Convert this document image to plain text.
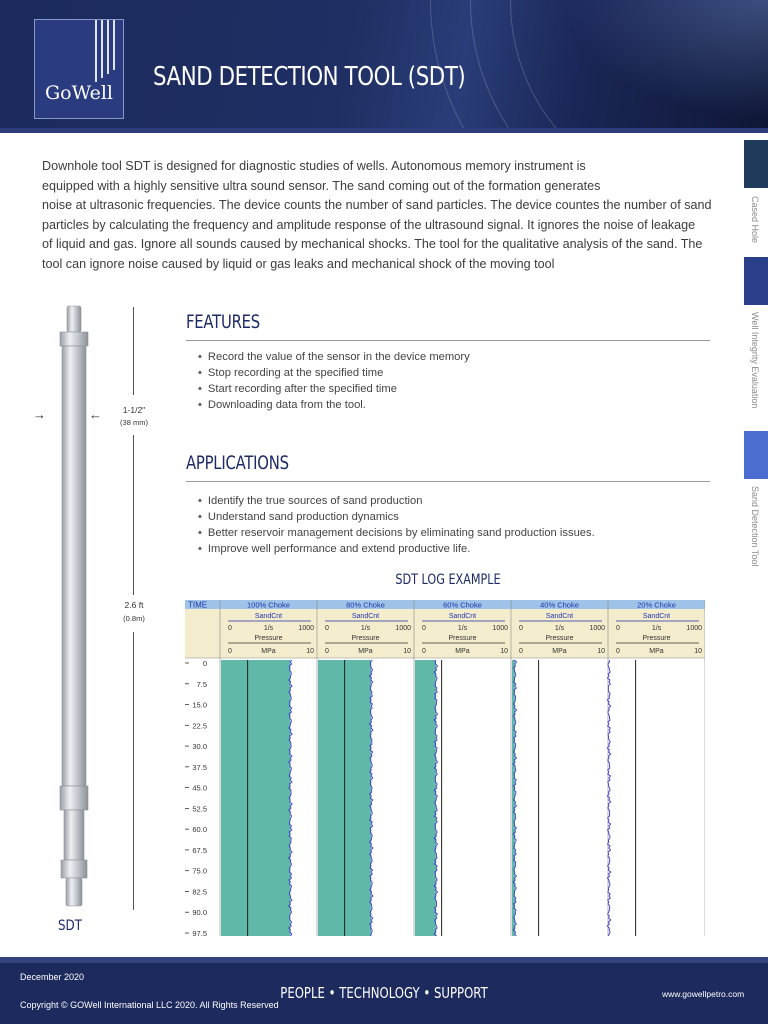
GoWell
SAND DETECTION TOOL (SDT)
Downhole tool SDT is designed for diagnostic studies of wells. Autonomous memory instrument is
equipped with a highly sensitive ultra sound sensor. The sand coming out of the formation generates
noise at ultrasonic frequencies. The device counts the number of sand particles. The device countes the number of sand
particles by calculating the frequency and amplitude response of the ultrasound signal. It ignores the noise of leakage
of liquid and gas. Ignore all sounds caused by mechanical shocks. The tool for the qualitative analysis of the sand. The
tool can ignore noise caused by liquid or gas leaks and mechanical shock of the moving tool
Cased Hole
Well Integrity Evaluation
Sand Detection Tool
→	←	1-1/2"
(38 mm)
2.6 ft
(0.8m)
SDT
FEATURES
• Record the value of the sensor in the device memory
• Stop recording at the specified time
• Start recording after the specified time
• Downloading data from the tool.
APPLICATIONS
• Identify the true sources of sand production
• Understand sand production dynamics
• Better reservoir management decisions by eliminating sand production issues.
• Improve well performance and extend productive life.
SDT LOG EXAMPLE
TIME
0
7.5
15.0
22.5
30.0
37.5
45.0
52.5
60.0
67.5
75.0
82.5
90.0
97.5
100% Choke
SandCnt
0	1/s	1000
Pressure
0	MPa	10
80% Choke
SandCnt
0	1/s	1000
Pressure
0	MPa	10
60% Choke
SandCnt
0	1/s	1000
Pressure
0	MPa	10
40% Choke
SandCnt
0	1/s	1000
Pressure
0	MPa	10
20% Choke
SandCnt
0	1/s	1000
Pressure
0	MPa	10
December 2020
Copyright © GOWell International LLC 2020. All Rights Reserved
PEOPLE • TECHNOLOGY • SUPPORT	www.gowellpetro.com
